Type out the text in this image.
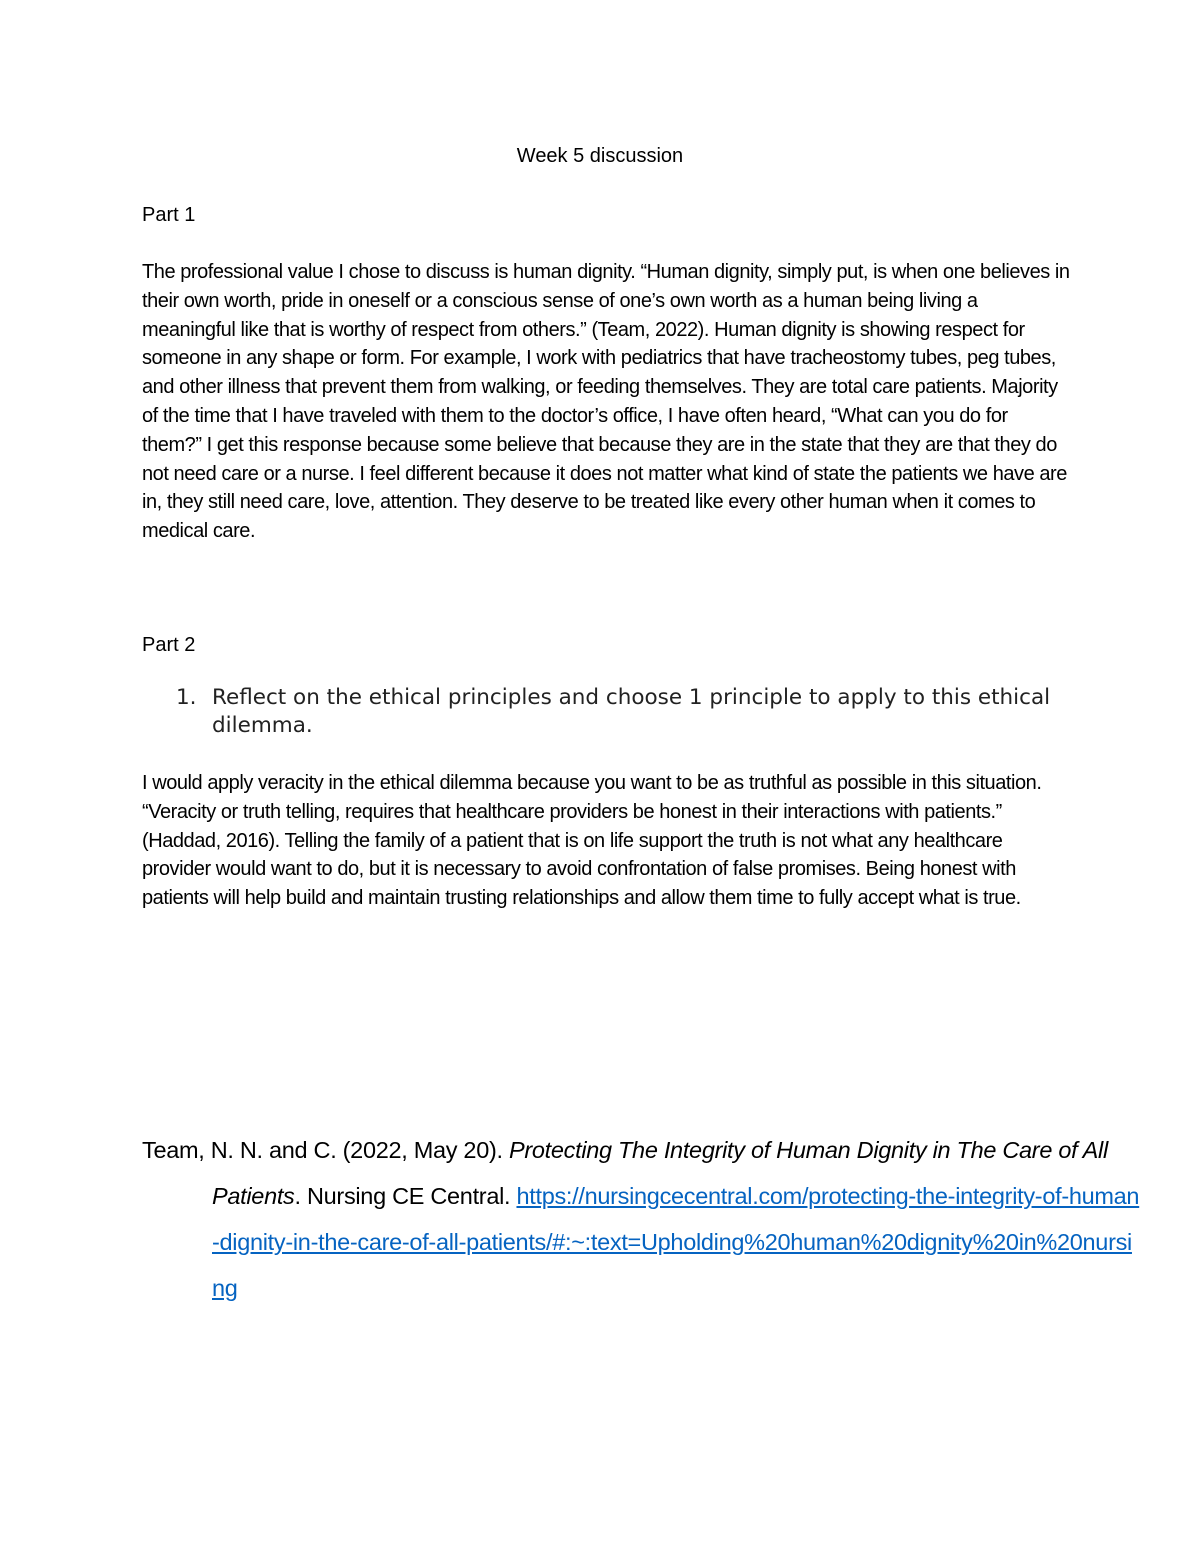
Week 5 discussion
Part 1
The professional value I chose to discuss is human dignity. “Human dignity, simply put, is when one believes in their own worth, pride in oneself or a conscious sense of one’s own worth as a human being living a meaningful like that is worthy of respect from others.” (Team, 2022). Human dignity is showing respect for someone in any shape or form. For example, I work with pediatrics that have tracheostomy tubes, peg tubes, and other illness that prevent them from walking, or feeding themselves. They are total care patients. Majority of the time that I have traveled with them to the doctor’s office, I have often heard, “What can you do for them?” I get this response because some believe that because they are in the state that they are that they do not need care or a nurse. I feel different because it does not matter what kind of state the patients we have are in, they still need care, love, attention. They deserve to be treated like every other human when it comes to medical care.
Part 2
1. Reflect on the ethical principles and choose 1 principle to apply to this ethical dilemma.
I would apply veracity in the ethical dilemma because you want to be as truthful as possible in this situation. “Veracity or truth telling, requires that healthcare providers be honest in their interactions with patients.” (Haddad, 2016). Telling the family of a patient that is on life support the truth is not what any healthcare provider would want to do, but it is necessary to avoid confrontation of false promises. Being honest with patients will help build and maintain trusting relationships and allow them time to fully accept what is true.
Team, N. N. and C. (2022, May 20). Protecting The Integrity of Human Dignity in The Care of All Patients. Nursing CE Central. https://nursingcecentral.com/protecting-the-integrity-of-human-dignity-in-the-care-of-all-patients/#:~:text=Upholding%20human%20dignity%20in%20nursing
